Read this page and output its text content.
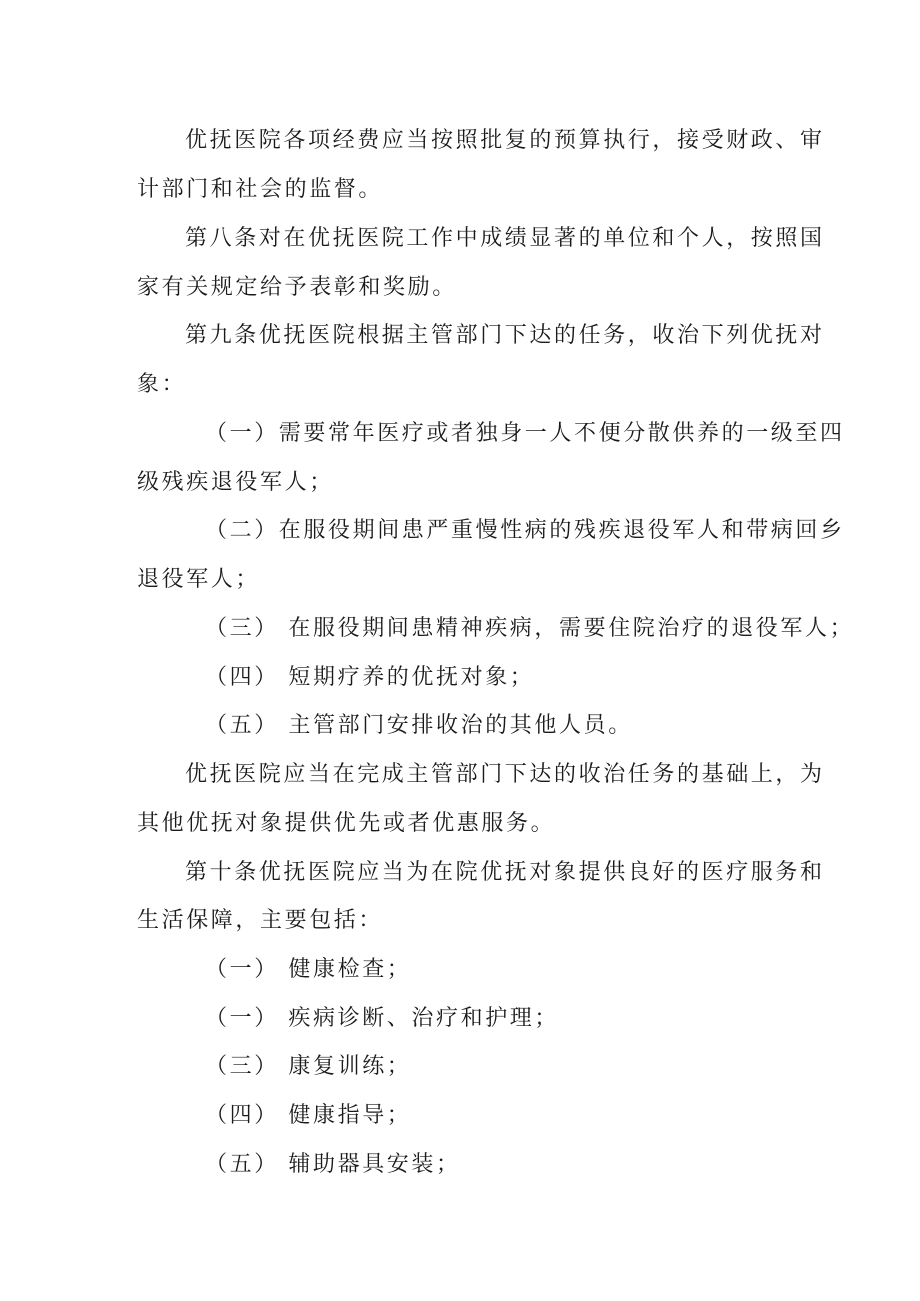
优抚医院各项经费应当按照批复的预算执行，接受财政、审
计部门和社会的监督。
第八条对在优抚医院工作中成绩显著的单位和个人，按照国
家有关规定给予表彰和奖励。
第九条优抚医院根据主管部门下达的任务，收治下列优抚对
象：
（一）需要常年医疗或者独身一人不便分散供养的一级至四
级残疾退役军人；
（二）在服役期间患严重慢性病的残疾退役军人和带病回乡
退役军人；
（三） 在服役期间患精神疾病，需要住院治疗的退役军人；
（四） 短期疗养的优抚对象；
（五） 主管部门安排收治的其他人员。
优抚医院应当在完成主管部门下达的收治任务的基础上，为
其他优抚对象提供优先或者优惠服务。
第十条优抚医院应当为在院优抚对象提供良好的医疗服务和
生活保障，主要包括：
（一） 健康检查；
（一） 疾病诊断、治疗和护理；
（三） 康复训练；
（四） 健康指导；
（五） 辅助器具安装；
